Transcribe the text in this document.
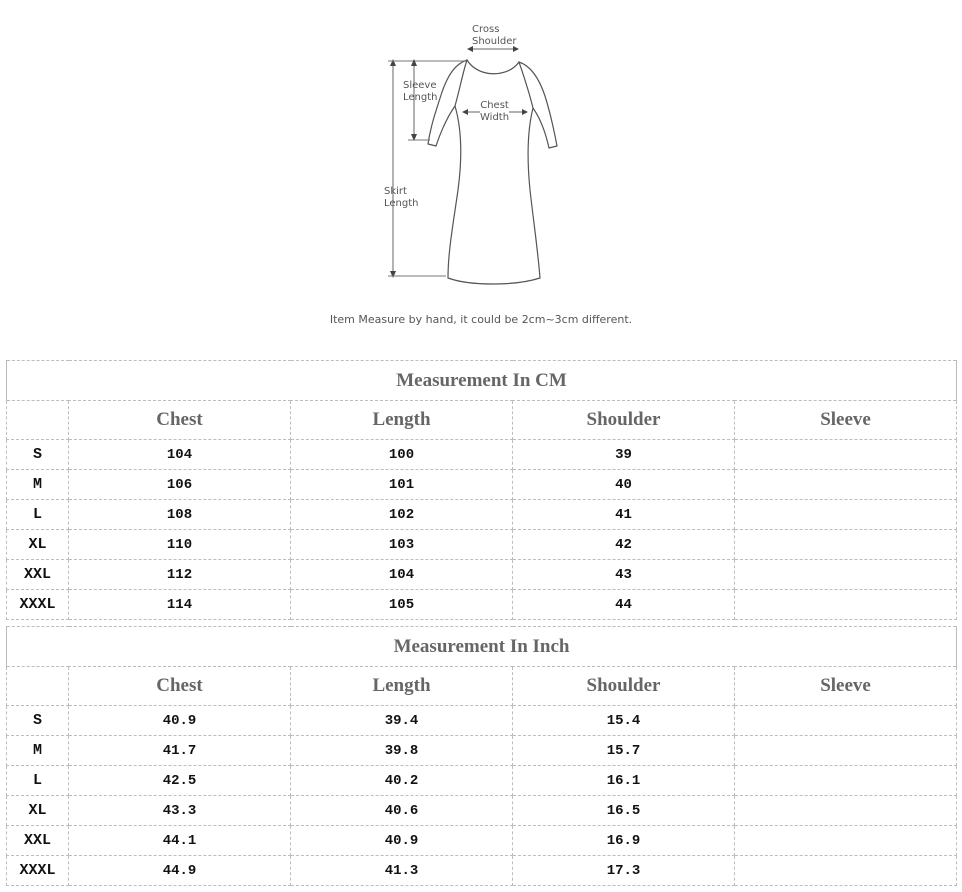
Cross
Shoulder
Sleeve
Length
Chest
Width
Skirt
Length
Item Measure by hand, it could be 2cm~3cm different.
Measurement In CM				
	Chest	Length	Shoulder	Sleeve
S	104	100	39	
M	106	101	40	
L	108	102	41	
XL	110	103	42	
XXL	112	104	43	
XXXL	114	105	44	
Measurement In Inch				
	Chest	Length	Shoulder	Sleeve
S	40.9	39.4	15.4	
M	41.7	39.8	15.7	
L	42.5	40.2	16.1	
XL	43.3	40.6	16.5	
XXL	44.1	40.9	16.9	
XXXL	44.9	41.3	17.3	
